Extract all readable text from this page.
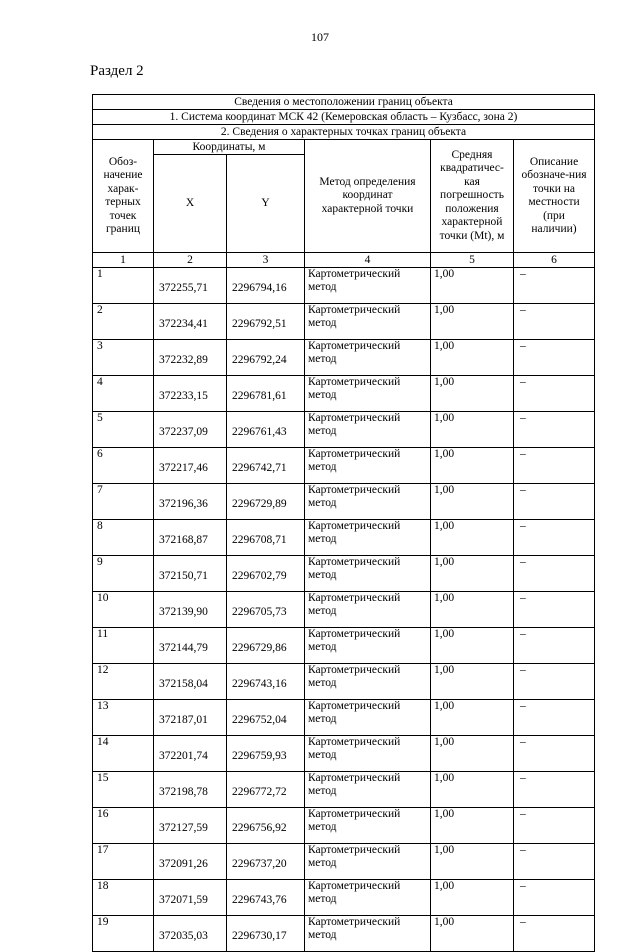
107
Раздел 2
Сведения о местоположении границ объекта					
1. Система координат МСК 42 (Кемеровская область – Кузбасс, зона 2)					
2. Сведения о характерных точках границ объекта					
Обоз-начение харак-терных точек границ	Координаты, м		Метод определения координат характерной точки	Средняя квадратичес-кая погрешность положения характерной точки (Mt), м	Описание обозначе-ния точки на местности (при наличии)
	X	Y			
1	2	3	4	5	6
1	372255,71	2296794,16	Картометрический метод	1,00	–
2	372234,41	2296792,51	Картометрический метод	1,00	–
3	372232,89	2296792,24	Картометрический метод	1,00	–
4	372233,15	2296781,61	Картометрический метод	1,00	–
5	372237,09	2296761,43	Картометрический метод	1,00	–
6	372217,46	2296742,71	Картометрический метод	1,00	–
7	372196,36	2296729,89	Картометрический метод	1,00	–
8	372168,87	2296708,71	Картометрический метод	1,00	–
9	372150,71	2296702,79	Картометрический метод	1,00	–
10	372139,90	2296705,73	Картометрический метод	1,00	–
11	372144,79	2296729,86	Картометрический метод	1,00	–
12	372158,04	2296743,16	Картометрический метод	1,00	–
13	372187,01	2296752,04	Картометрический метод	1,00	–
14	372201,74	2296759,93	Картометрический метод	1,00	–
15	372198,78	2296772,72	Картометрический метод	1,00	–
16	372127,59	2296756,92	Картометрический метод	1,00	–
17	372091,26	2296737,20	Картометрический метод	1,00	–
18	372071,59	2296743,76	Картометрический метод	1,00	–
19	372035,03	2296730,17	Картометрический метод	1,00	–
